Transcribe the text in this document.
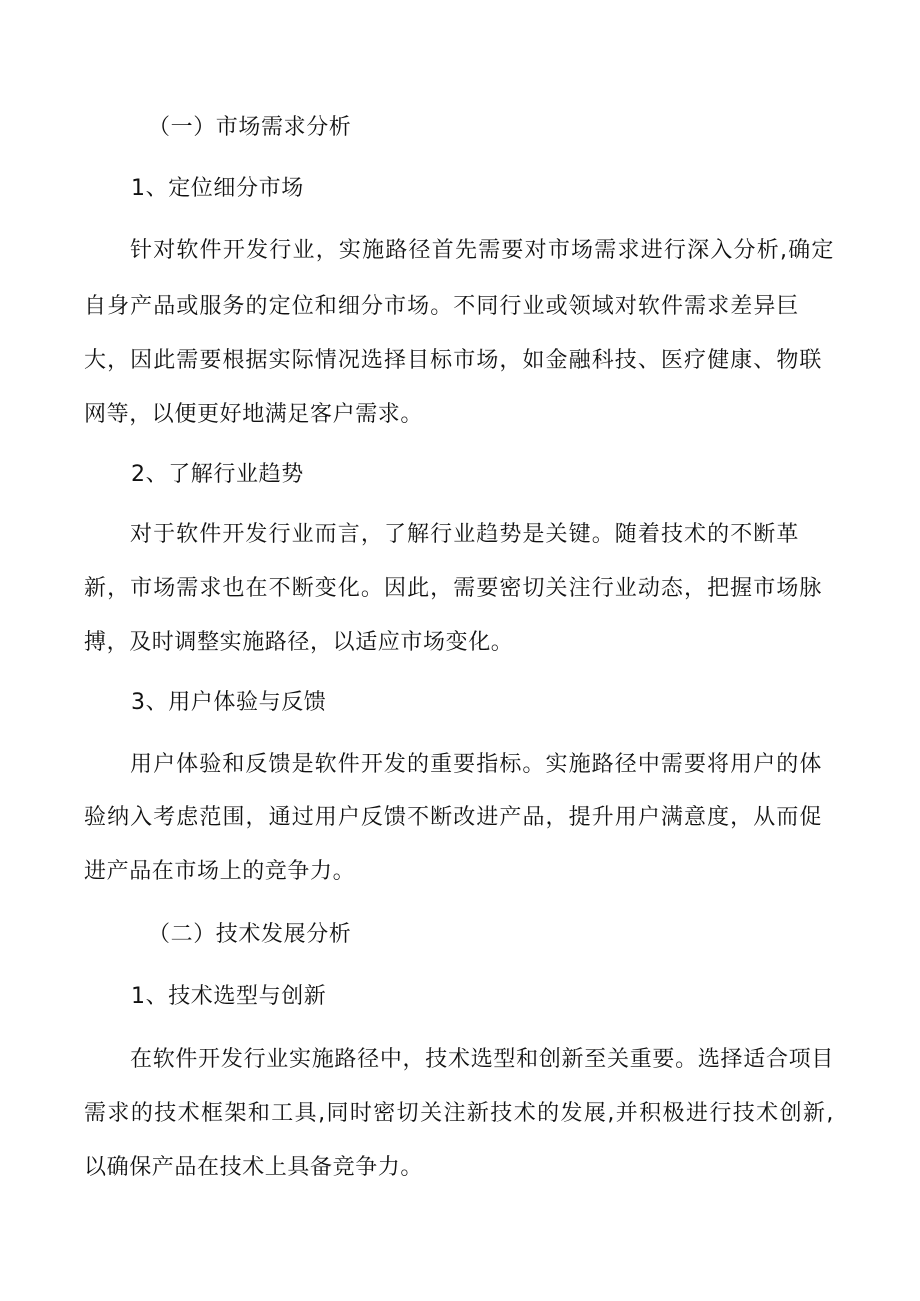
（一）市场需求分析
1、定位细分市场
针对软件开发行业，实施路径首先需要对市场需求进行深入分析,确定
自身产品或服务的定位和细分市场。不同行业或领域对软件需求差异巨
大，因此需要根据实际情况选择目标市场，如金融科技、医疗健康、物联
网等，以便更好地满足客户需求。
2、了解行业趋势
对于软件开发行业而言，了解行业趋势是关键。随着技术的不断革
新，市场需求也在不断变化。因此，需要密切关注行业动态，把握市场脉
搏，及时调整实施路径，以适应市场变化。
3、用户体验与反馈
用户体验和反馈是软件开发的重要指标。实施路径中需要将用户的体
验纳入考虑范围，通过用户反馈不断改进产品，提升用户满意度，从而促
进产品在市场上的竞争力。
（二）技术发展分析
1、技术选型与创新
在软件开发行业实施路径中，技术选型和创新至关重要。选择适合项目
需求的技术框架和工具,同时密切关注新技术的发展,并积极进行技术创新,
以确保产品在技术上具备竞争力。
